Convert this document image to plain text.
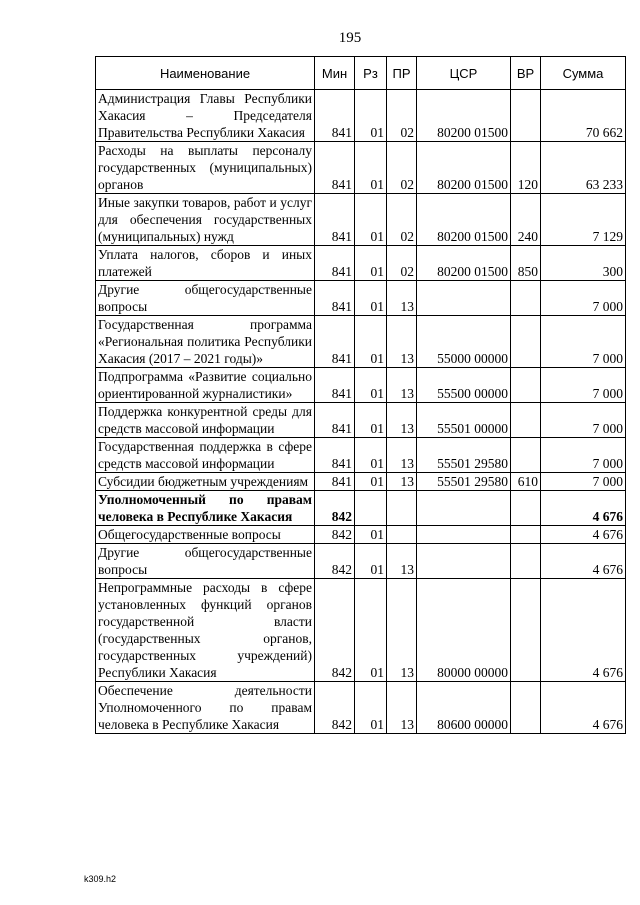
195
Наименование	Мин	Рз	ПР	ЦСР	ВР	Сумма
Администрация Главы Республики Хакасия – Председателя Правительства Республики Хакасия	841	01	02	80200 01500		70 662
Расходы на выплаты персоналу государственных (муниципальных) органов	841	01	02	80200 01500	120	63 233
Иные закупки товаров, работ и услуг для обеспечения государственных (муниципальных) нужд	841	01	02	80200 01500	240	7 129
Уплата налогов, сборов и иных платежей	841	01	02	80200 01500	850	300
Другие общегосударственные вопросы	841	01	13			7 000
Государственная программа «Региональная политика Республики Хакасия (2017 – 2021 годы)»	841	01	13	55000 00000		7 000
Подпрограмма «Развитие социально ориентированной журналистики»	841	01	13	55500 00000		7 000
Поддержка конкурентной среды для средств массовой информации	841	01	13	55501 00000		7 000
Государственная поддержка в сфере средств массовой информации	841	01	13	55501 29580		7 000
Субсидии бюджетным учреждениям	841	01	13	55501 29580	610	7 000
Уполномоченный по правам человека в Республике Хакасия	842					4 676
Общегосударственные вопросы	842	01				4 676
Другие общегосударственные вопросы	842	01	13			4 676
Непрограммные расходы в сфере установленных функций органов государственной власти (государственных органов, государственных учреждений) Республики Хакасия	842	01	13	80000 00000		4 676
Обеспечение деятельности Уполномоченного по правам человека в Республике Хакасия	842	01	13	80600 00000		4 676
k309.h2
